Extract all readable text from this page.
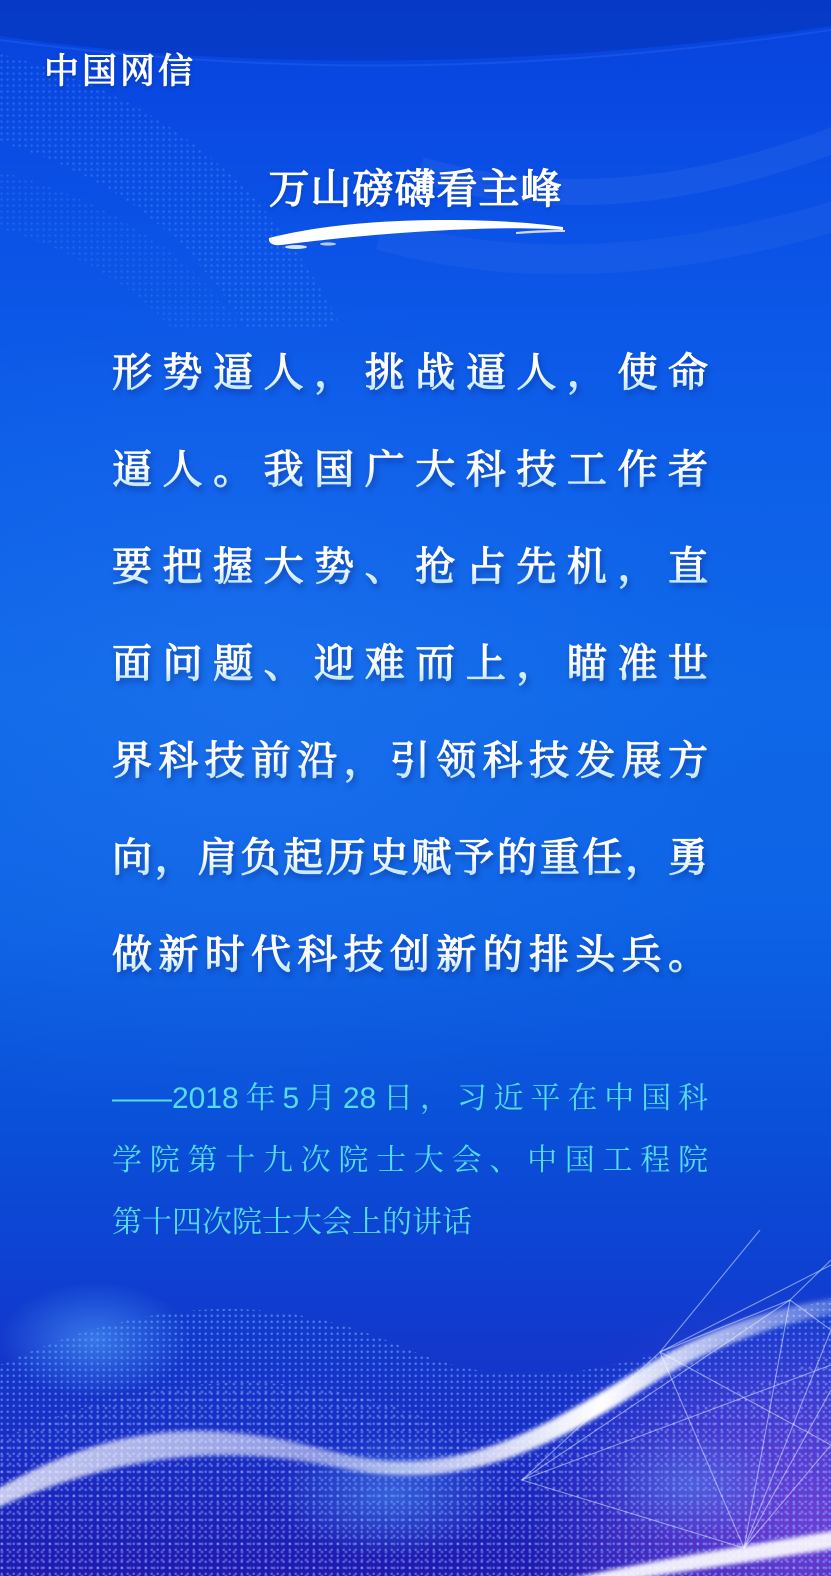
中国网信
万山磅礴看主峰
形势逼人，挑战逼人，使命
逼人。我国广大科技工作者
要把握大势、抢占先机，直
面问题、迎难而上，瞄准世
界科技前沿，引领科技发展方
向，肩负起历史赋予的重任，勇
做新时代科技创新的排头兵。
——2018年5月28日，习近平在中国科
学院第十九次院士大会、中国工程院
第十四次院士大会上的讲话
